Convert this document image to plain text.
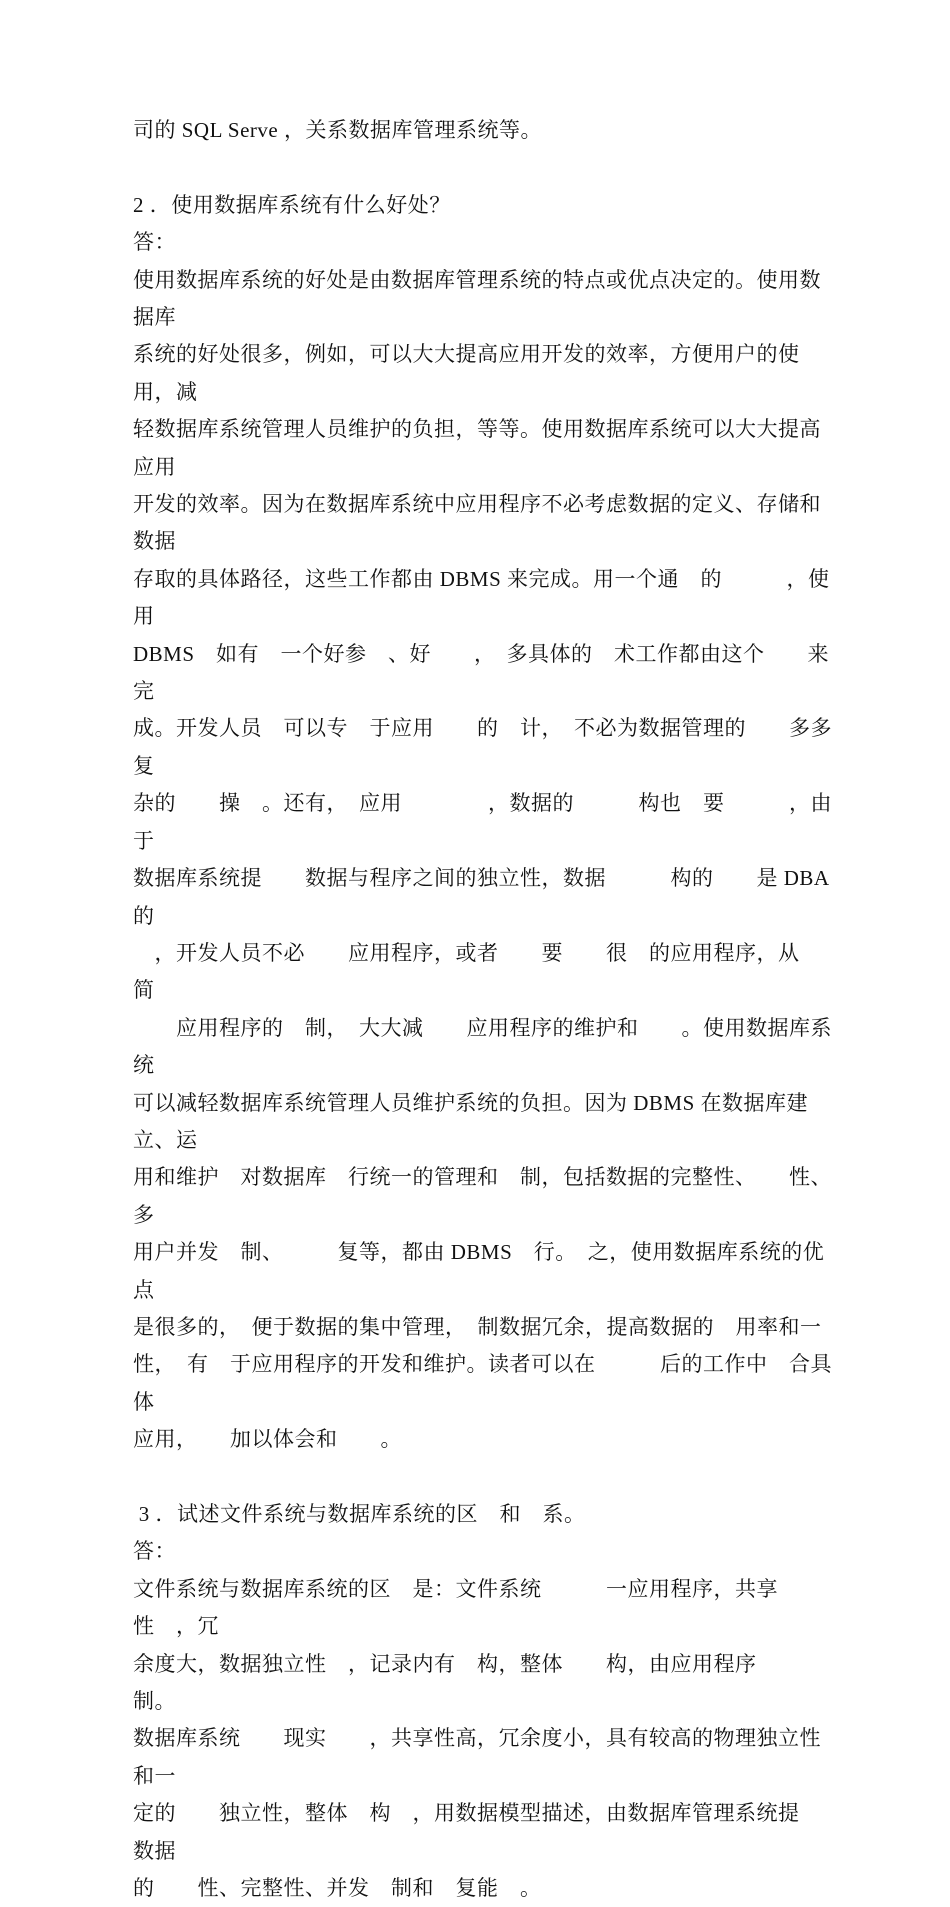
司的 SQL Serve ，关系数据库管理系统等。
2 ．使用数据库系统有什么好处？
答：
使用数据库系统的好处是由数据库管理系统的特点或优点决定的。使用数据库
系统的好处很多，例如，可以大大提高应用开发的效率，方便用户的使用，减
轻数据库系统管理人员维护的负担，等等。使用数据库系统可以大大提高应用
开发的效率。因为在数据库系统中应用程序不必考虑数据的定义、存储和数据
存取的具体路径，这些工作都由 DBMS 来完成。用一个通　的　　　，使用
DBMS　如有　一个好参　、好　　，　多具体的　术工作都由这个　　来完
成。开发人员　可以专　于应用　　的　计，　不必为数据管理的　　多多复
杂的　　操　。还有，　应用　　　　，数据的　　　构也　要　　　，由于
数据库系统提　　数据与程序之间的独立性，数据　　　构的　　是 DBA 的
　，开发人员不必　　应用程序，或者　　要　　很　的应用程序，从　　简
　　应用程序的　制，　大大减　　应用程序的维护和　　。使用数据库系统
可以减轻数据库系统管理人员维护系统的负担。因为 DBMS 在数据库建立、运
用和维护　对数据库　行统一的管理和　制，包括数据的完整性、　　性、多
用户并发　制、　　　复等，都由 DBMS　行。　之，使用数据库系统的优点
是很多的，　便于数据的集中管理，　制数据冗余，提高数据的　用率和一
性，　有　于应用程序的开发和维护。读者可以在　　　后的工作中　合具体
应用，　　加以体会和　　。
3 ．试述文件系统与数据库系统的区　和　系。
答：
文件系统与数据库系统的区　是：文件系统　　　一应用程序，共享性　，冗
余度大，数据独立性　，记录内有　构，整体　　构，由应用程序　　　制。
数据库系统　　现实　　，共享性高，冗余度小，具有较高的物理独立性和一
定的　　独立性，整体　构　，用数据模型描述，由数据库管理系统提　数据
的　　性、完整性、并发　制和　复能　。
